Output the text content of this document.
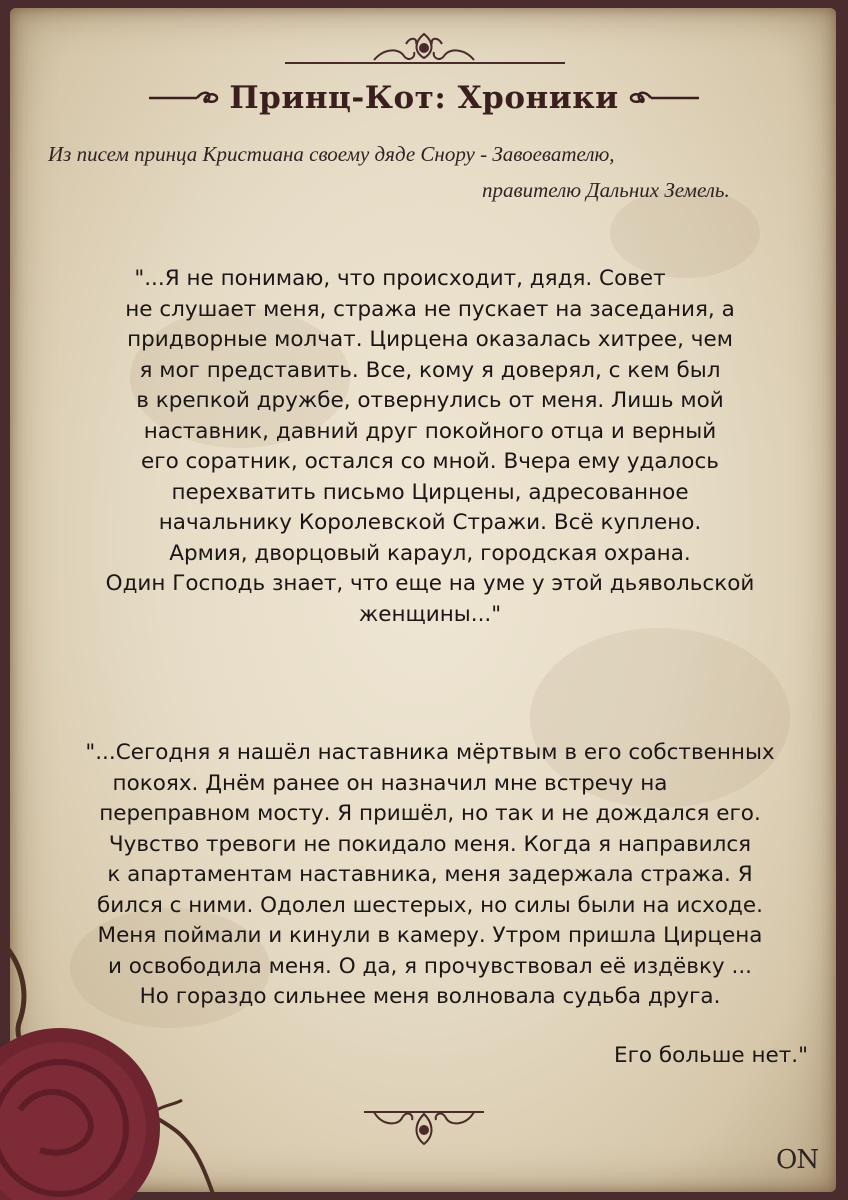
Принц-Кот: Хроники
Из писем принца Кристиана своему дяде Снору - Завоевателю,
правителю Дальних Земель.
"...Я не понимаю, что происходит, дядя. Совет
не слушает меня, стража не пускает на заседания, а
придворные молчат. Цирцена оказалась хитрее, чем
я мог представить. Все, кому я доверял, с кем был
в крепкой дружбе, отвернулись от меня. Лишь мой
наставник, давний друг покойного отца и верный
его соратник, остался со мной. Вчера ему удалось
перехватить письмо Цирцены, адресованное
начальнику Королевской Стражи. Всё куплено.
Армия, дворцовый караул, городская охрана.
Один Господь знает, что еще на уме у этой дьявольской
женщины..."
"...Сегодня я нашёл наставника мёртвым в его собственных
покоях. Днём ранее он назначил мне встречу на
переправном мосту. Я пришёл, но так и не дождался его.
Чувство тревоги не покидало меня. Когда я направился
к апартаментам наставника, меня задержала стража. Я
бился с ними. Одолел шестерых, но силы были на исходе.
Меня поймали и кинули в камеру. Утром пришла Цирцена
и освободила меня. О да, я прочувствовал её издёвку ...
Но гораздо сильнее меня волновала судьба друга.
Его больше нет."
ON
